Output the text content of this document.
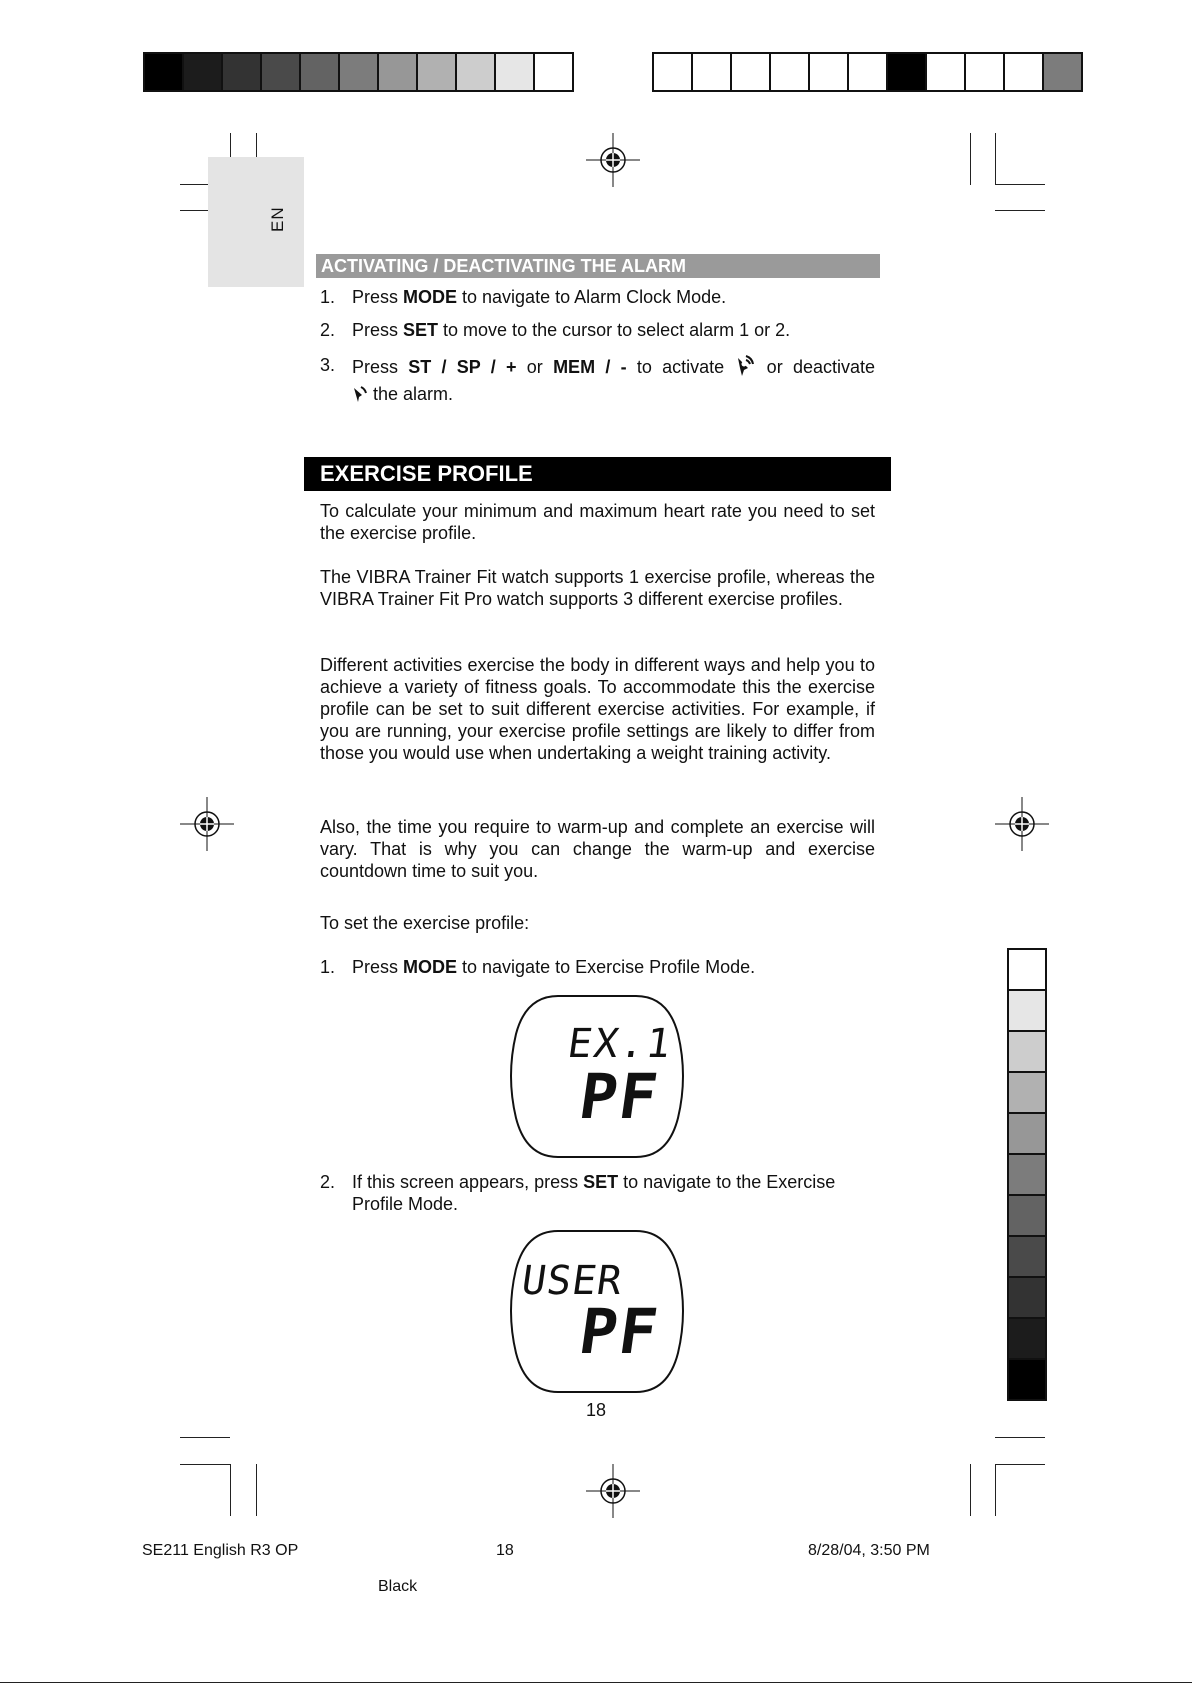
EN
ACTIVATING / DEACTIVATING THE ALARM
1. Press MODE to navigate to Alarm Clock Mode.
2. Press SET to move to the cursor to select alarm 1 or 2.
3. Press ST / SP / + or MEM / - to activate  or deactivate
the alarm.
EXERCISE PROFILE
To calculate your minimum and maximum heart rate you need to set the exercise profile.
The VIBRA Trainer Fit watch supports 1 exercise profile, whereas the VIBRA Trainer Fit Pro watch supports 3 different exercise profiles.
Different activities exercise the body in different ways and help you to achieve a variety of fitness goals. To accommodate this the exercise profile can be set to suit different exercise activities. For example, if you are running, your exercise profile settings are likely to differ from those you would use when undertaking a weight training activity.
Also, the time you require to warm-up and complete an exercise will vary. That is why you can change the warm-up and exercise countdown time to suit you.
To set the exercise profile:
1. Press MODE to navigate to Exercise Profile Mode.
EX.1
PF
2. If this screen appears, press SET to navigate to the Exercise Profile Mode.
USER
PF
18
SE211 English R3 OP	18	8/28/04, 3:50 PM
Black
